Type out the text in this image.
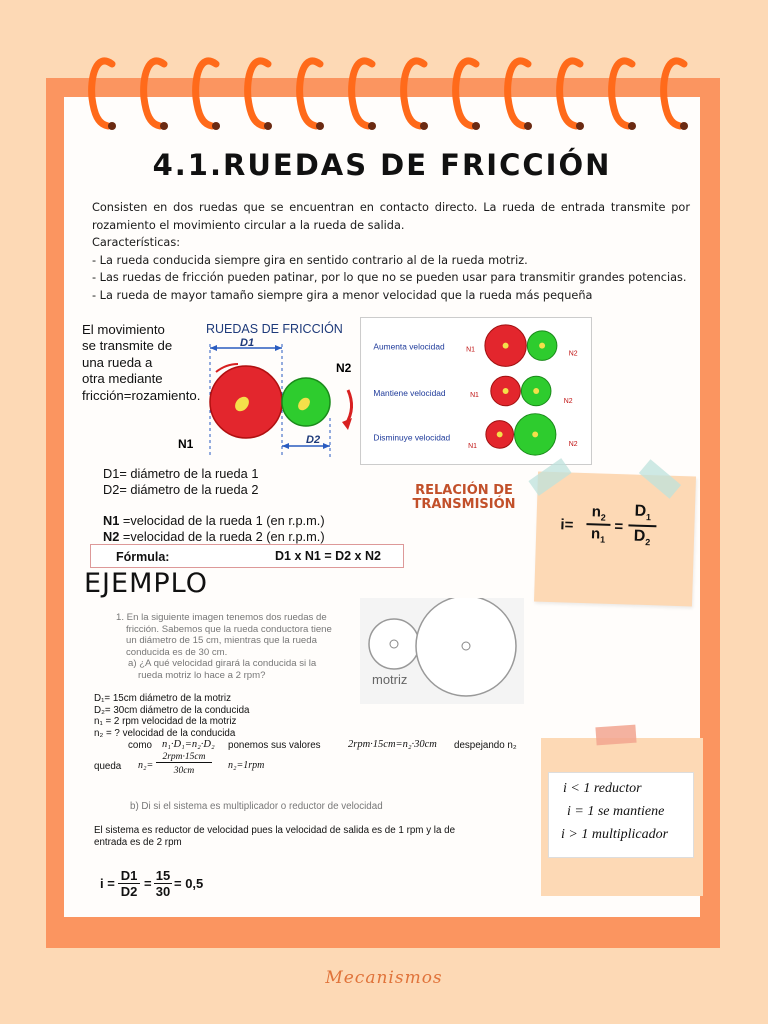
4.1.RUEDAS DE FRICCIÓN

Consisten en dos ruedas que se encuentran en contacto directo. La rueda de entrada transmite por rozamiento el movimiento circular a la rueda de salida.

Características:
- La rueda conducida siempre gira en sentido contrario al de la rueda motriz.
- Las ruedas de fricción pueden patinar, por lo que no se pueden usar para transmitir grandes potencias.
- La rueda de mayor tamaño siempre gira a menor velocidad que la rueda más pequeña
El movimiento
se transmite de
una rueda a
otra mediante
fricción=rozamiento.
RUEDAS DE FRICCIÓN
D1
D2
N2
N1
Aumenta velocidad
Mantiene velocidad
Disminuye velocidad
N1
N2
N1
N2
N1	N2
D1= diámetro de la rueda 1
D2= diámetro de la rueda 2
N1 =velocidad de la rueda 1 (en r.p.m.)
N2 =velocidad de la rueda 2 (en r.p.m.)
Fórmula:	D1 x N1 = D2 x N2
RELACIÓN DE
TRANSMISIÓN
i=
$n_2$
$n_1$
=
$D_1$
$D_2$
EJEMPLO
1. En la siguiente imagen tenemos dos ruedas de
fricción. Sabemos que la rueda conductora tiene
un diámetro de 15 cm, mientras que la rueda
conducida es de 30 cm.
a) ¿A qué velocidad girará la conducida si la
rueda motriz lo hace a 2 rpm?	motriz
D₁= 15cm diámetro de la motriz
D₂= 30cm diámetro de la conducida
n₁ = 2 rpm velocidad de la motriz
n₂ = ? velocidad de la conducida
como n₁·D₁=n₂·D₂ ponemos sus valores	2rpm·15cm=n₂·30cm despejando n₂
queda n₂=
2rpm·15cm
30cm	n₂=1rpm
b) Di si el sistema es multiplicador o reductor de velocidad
El sistema es reductor de velocidad pues la velocidad de salida es de 1 rpm y la de
entrada es de 2 rpm
i =
D1
D2
=
15
30
= 0,5
i < 1 reductor
i = 1 se mantiene
i > 1 multiplicador
Mecanismos
